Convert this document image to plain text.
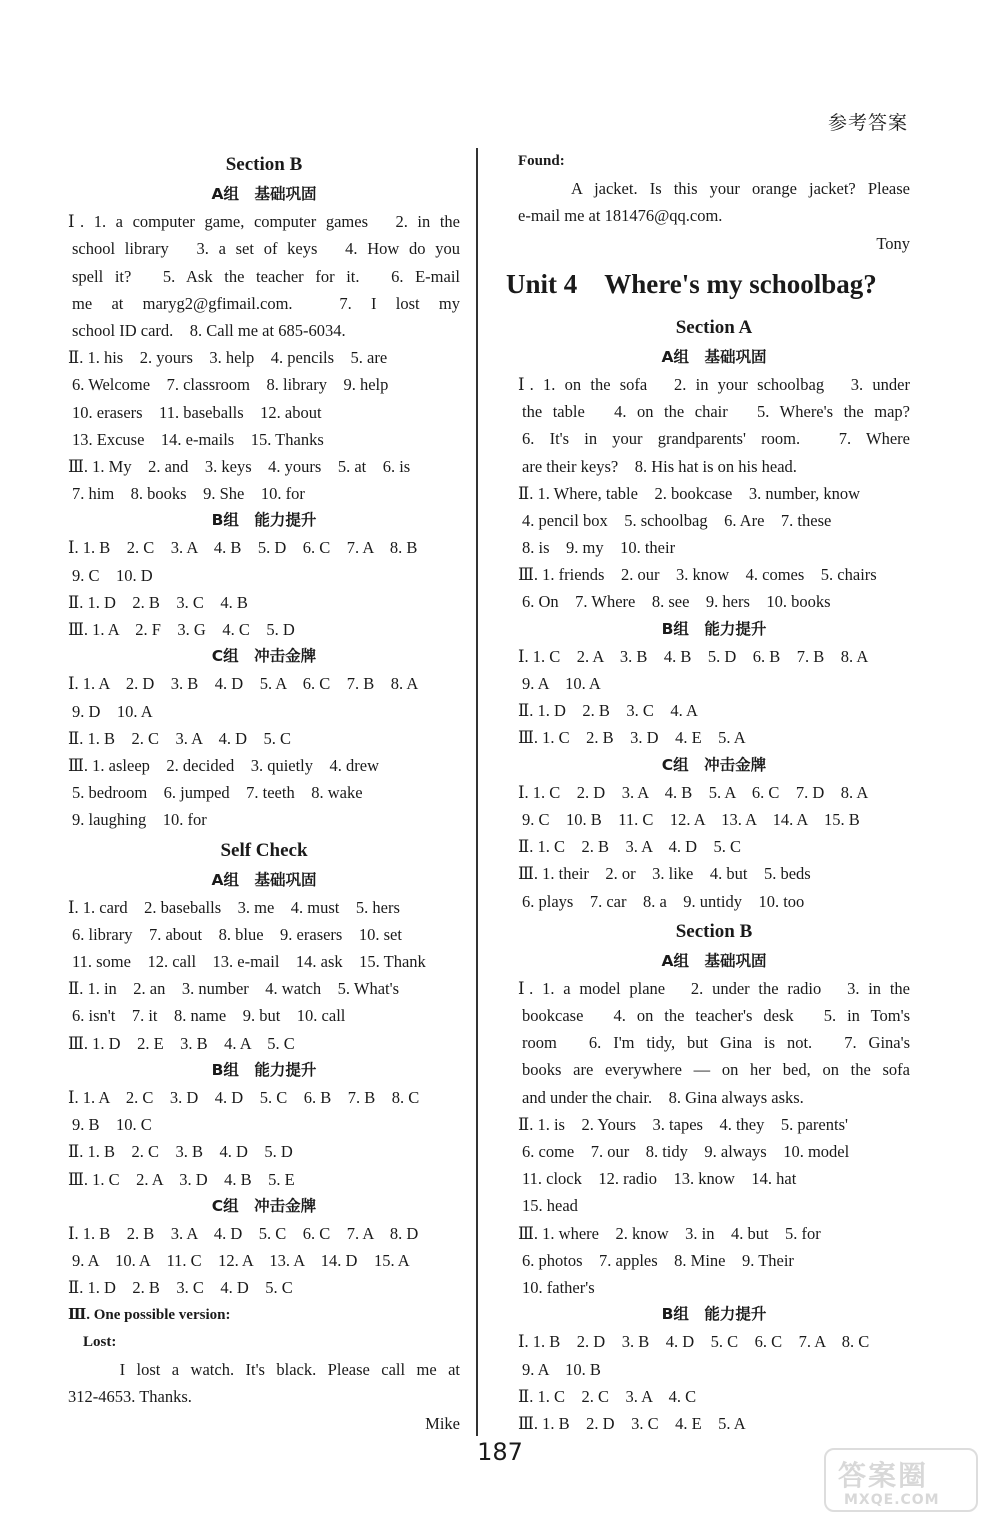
参考答案
Section B
A组　基础巩固
Ⅰ. 1. a computer game, computer games　2. in the
school library　3. a set of keys　4. How do you
spell it?　5. Ask the teacher for it.　6. E-mail
me at maryg2@gfimail.com.　7. I lost my
school ID card.　8. Call me at 685-6034.
Ⅱ. 1. his　2. yours　3. help　4. pencils　5. are
6. Welcome　7. classroom　8. library　9. help
10. erasers　11. baseballs　12. about
13. Excuse　14. e-mails　15. Thanks
Ⅲ. 1. My　2. and　3. keys　4. yours　5. at　6. is
7. him　8. books　9. She　10. for
B组　能力提升
Ⅰ. 1. B　2. C　3. A　4. B　5. D　6. C　7. A　8. B
9. C　10. D
Ⅱ. 1. D　2. B　3. C　4. B
Ⅲ. 1. A　2. F　3. G　4. C　5. D
C组　冲击金牌
Ⅰ. 1. A　2. D　3. B　4. D　5. A　6. C　7. B　8. A
9. D　10. A
Ⅱ. 1. B　2. C　3. A　4. D　5. C
Ⅲ. 1. asleep　2. decided　3. quietly　4. drew
5. bedroom　6. jumped　7. teeth　8. wake
9. laughing　10. for
Self Check
A组　基础巩固
Ⅰ. 1. card　2. baseballs　3. me　4. must　5. hers
6. library　7. about　8. blue　9. erasers　10. set
11. some　12. call　13. e-mail　14. ask　15. Thank
Ⅱ. 1. in　2. an　3. number　4. watch　5. What's
6. isn't　7. it　8. name　9. but　10. call
Ⅲ. 1. D　2. E　3. B　4. A　5. C
B组　能力提升
Ⅰ. 1. A　2. C　3. D　4. D　5. C　6. B　7. B　8. C
9. B　10. C
Ⅱ. 1. B　2. C　3. B　4. D　5. D
Ⅲ. 1. C　2. A　3. D　4. B　5. E
C组　冲击金牌
Ⅰ. 1. B　2. B　3. A　4. D　5. C　6. C　7. A　8. D
9. A　10. A　11. C　12. A　13. A　14. D　15. A
Ⅱ. 1. D　2. B　3. C　4. D　5. C
Ⅲ. One possible version:
　Lost:
　　I lost a watch. It's black. Please call me at
312-4653. Thanks.
Mike
Found:
　　A jacket. Is this your orange jacket? Please
e-mail me at 181476@qq.com.
Tony
Unit 4　Where's my schoolbag?
Section A
A组　基础巩固
Ⅰ. 1. on the sofa　2. in your schoolbag　3. under
the table　4. on the chair　5. Where's the map?
6. It's in your grandparents' room.　7. Where
are their keys?　8. His hat is on his head.
Ⅱ. 1. Where, table　2. bookcase　3. number, know
4. pencil box　5. schoolbag　6. Are　7. these
8. is　9. my　10. their
Ⅲ. 1. friends　2. our　3. know　4. comes　5. chairs
6. On　7. Where　8. see　9. hers　10. books
B组　能力提升
Ⅰ. 1. C　2. A　3. B　4. B　5. D　6. B　7. B　8. A
9. A　10. A
Ⅱ. 1. D　2. B　3. C　4. A
Ⅲ. 1. C　2. B　3. D　4. E　5. A
C组　冲击金牌
Ⅰ. 1. C　2. D　3. A　4. B　5. A　6. C　7. D　8. A
9. C　10. B　11. C　12. A　13. A　14. A　15. B
Ⅱ. 1. C　2. B　3. A　4. D　5. C
Ⅲ. 1. their　2. or　3. like　4. but　5. beds
6. plays　7. car　8. a　9. untidy　10. too
Section B
A组　基础巩固
Ⅰ. 1. a model plane　2. under the radio　3. in the
bookcase　4. on the teacher's desk　5. in Tom's
room　6. I'm tidy, but Gina is not.　7. Gina's
books are everywhere — on her bed, on the sofa
and under the chair.　8. Gina always asks.
Ⅱ. 1. is　2. Yours　3. tapes　4. they　5. parents'
6. come　7. our　8. tidy　9. always　10. model
11. clock　12. radio　13. know　14. hat
15. head
Ⅲ. 1. where　2. know　3. in　4. but　5. for
6. photos　7. apples　8. Mine　9. Their
10. father's
B组　能力提升
Ⅰ. 1. B　2. D　3. B　4. D　5. C　6. C　7. A　8. C
9. A　10. B
Ⅱ. 1. C　2. C　3. A　4. C
Ⅲ. 1. B　2. D　3. C　4. E　5. A
187
答案圈
MXQE.COM
